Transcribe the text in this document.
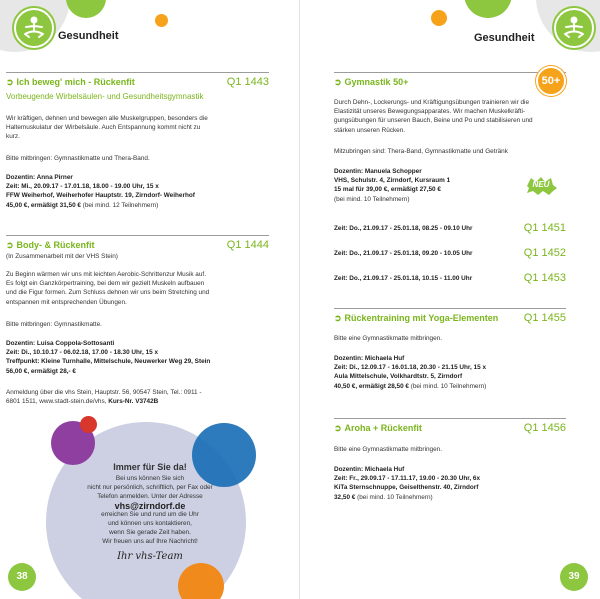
Gesundheit
➲ Ich beweg' mich - Rückenfit	Q1 1443
Vorbeugende Wirbelsäulen- und Gesundheitsgymnastik
Wir kräftigen, dehnen und bewegen alle Muskelgruppen, besonders die
Haltemuskulatur der Wirbelsäule. Auch Entspannung kommt nicht zu
kurz.
Bitte mitbringen: Gymnastikmatte und Thera-Band.
Dozentin: Anna Pirner
Zeit: Mi., 20.09.17 - 17.01.18, 18.00 - 19.00 Uhr, 15 x
FFW Weiherhof, Weiherhofer Hauptstr. 19, Zirndorf- Weiherhof
45,00 €, ermäßigt 31,50 € (bei mind. 12 Teilnehmern)
➲ Body- & Rückenfit	Q1 1444
(In Zusammenarbeit mit der VHS Stein)
Zu Beginn wärmen wir uns mit leichten Aerobic-Schrittenzur Musik auf.
Es folgt ein Ganzkörpertraining, bei dem wir gezielt Muskeln aufbauen
und die Figur formen. Zum Schluss dehnen wir uns beim Stretching und
entspannen mit entsprechenden Übungen.
Bitte mitbringen: Gymnastikmatte.
Dozentin: Luisa Coppola-Sottosanti
Zeit: Di., 10.10.17 - 06.02.18, 17.00 - 18.30 Uhr, 15 x
Treffpunkt: Kleine Turnhalle, Mittelschule, Neuwerker Weg 29, Stein
56,00 €, ermäßigt 28,- €
Anmeldung über die vhs Stein, Hauptstr. 56, 90547 Stein, Tel.: 0911 -
6801 1511, www.stadt-stein.de/vhs, Kurs-Nr. V3742B
Immer für Sie da!
Bei uns können Sie sich
nicht nur persönlich, schriftlich, per Fax oder
Telefon anmelden. Unter der Adresse
vhs@zirndorf.de
erreichen Sie und rund um die Uhr
und können uns kontaktieren,
wenn Sie gerade Zeit haben.
Wir freuen uns auf Ihre Nachricht!
Ihr vhs-Team
38
Gesundheit
➲ Gymnastik 50+
Durch Dehn-, Lockerungs- und Kräftigungsübungen trainieren wir die
Elastizität unseres Bewegungsapparates. Wir machen Muskelkräfti-
gungsübungen für unseren Bauch, Beine und Po und stabilisieren und
stärken unseren Rücken.
Mitzubringen sind: Thera-Band, Gymnastikmatte und Getränk
Dozentin: Manuela Schopper
VHS, Schulstr. 4, Zirndorf, Kursraum 1
15 mal für 39,00 €, ermäßigt 27,50 €
(bei mind. 10 Teilnehmern)
Zeit: Do., 21.09.17 - 25.01.18, 08.25 - 09.10 Uhr	Q1 1451
Zeit: Do., 21.09.17 - 25.01.18, 09.20 - 10.05 Uhr	Q1 1452
Zeit: Do., 21.09.17 - 25.01.18, 10.15 - 11.00 Uhr	Q1 1453
50+
NEU
➲ Rückentraining mit Yoga-Elementen Q1 1455
Bitte eine Gymnastikmatte mitbringen.
Dozentin: Michaela Huf
Zeit: Di., 12.09.17 - 16.01.18, 20.30 - 21.15 Uhr, 15 x
Aula Mittelschule, Volkhardtstr. 5, Zirndorf
40,50 €, ermäßigt 28,50 € (bei mind. 10 Teilnehmern)
➲ Aroha + Rückenfit	Q1 1456
Bitte eine Gymnastikmatte mitbringen.
Dozentin: Michaela Huf
Zeit: Fr., 29.09.17 - 17.11.17, 19.00 - 20.30 Uhr, 6x
KiTa Sternschnuppe, Geiselthenstr. 40, Zirndorf
32,50 € (bei mind. 10 Teilnehmern)
39
